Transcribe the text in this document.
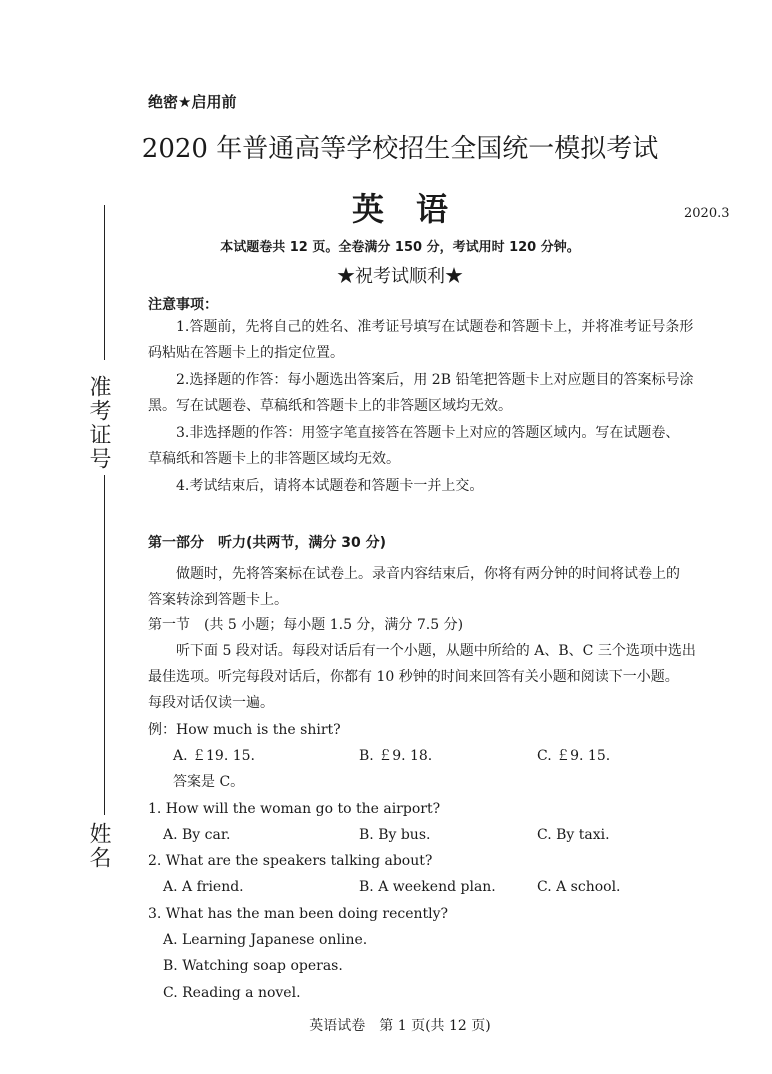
准考证号
姓名
绝密★启用前
2020 年普通高等学校招生全国统一模拟考试
英　语	2020.3
本试题卷共 12 页。全卷满分 150 分，考试用时 120 分钟。
★祝考试顺利★
注意事项：
1.答题前，先将自己的姓名、准考证号填写在试题卷和答题卡上，并将准考证号条形
码粘贴在答题卡上的指定位置。
2.选择题的作答：每小题选出答案后，用 2B 铅笔把答题卡上对应题目的答案标号涂
黑。写在试题卷、草稿纸和答题卡上的非答题区域均无效。
3.非选择题的作答：用签字笔直接答在答题卡上对应的答题区域内。写在试题卷、
草稿纸和答题卡上的非答题区域均无效。
4.考试结束后，请将本试题卷和答题卡一并上交。
第一部分　听力(共两节，满分 30 分)
做题时，先将答案标在试卷上。录音内容结束后，你将有两分钟的时间将试卷上的
答案转涂到答题卡上。
第一节　(共 5 小题；每小题 1.5 分，满分 7.5 分)
听下面 5 段对话。每段对话后有一个小题，从题中所给的 A、B、C 三个选项中选出
最佳选项。听完每段对话后，你都有 10 秒钟的时间来回答有关小题和阅读下一小题。
每段对话仅读一遍。
例：How much is the shirt?
A. ￡19. 15.	B. ￡9. 18.	C. ￡9. 15.
答案是 C。
1. How will the woman go to the airport?
A. By car.	B. By bus.	C. By taxi.
2. What are the speakers talking about?
A. A friend.	B. A weekend plan.	C. A school.
3. What has the man been doing recently?
A. Learning Japanese online.
B. Watching soap operas.
C. Reading a novel.
英语试卷　第 1 页(共 12 页)
